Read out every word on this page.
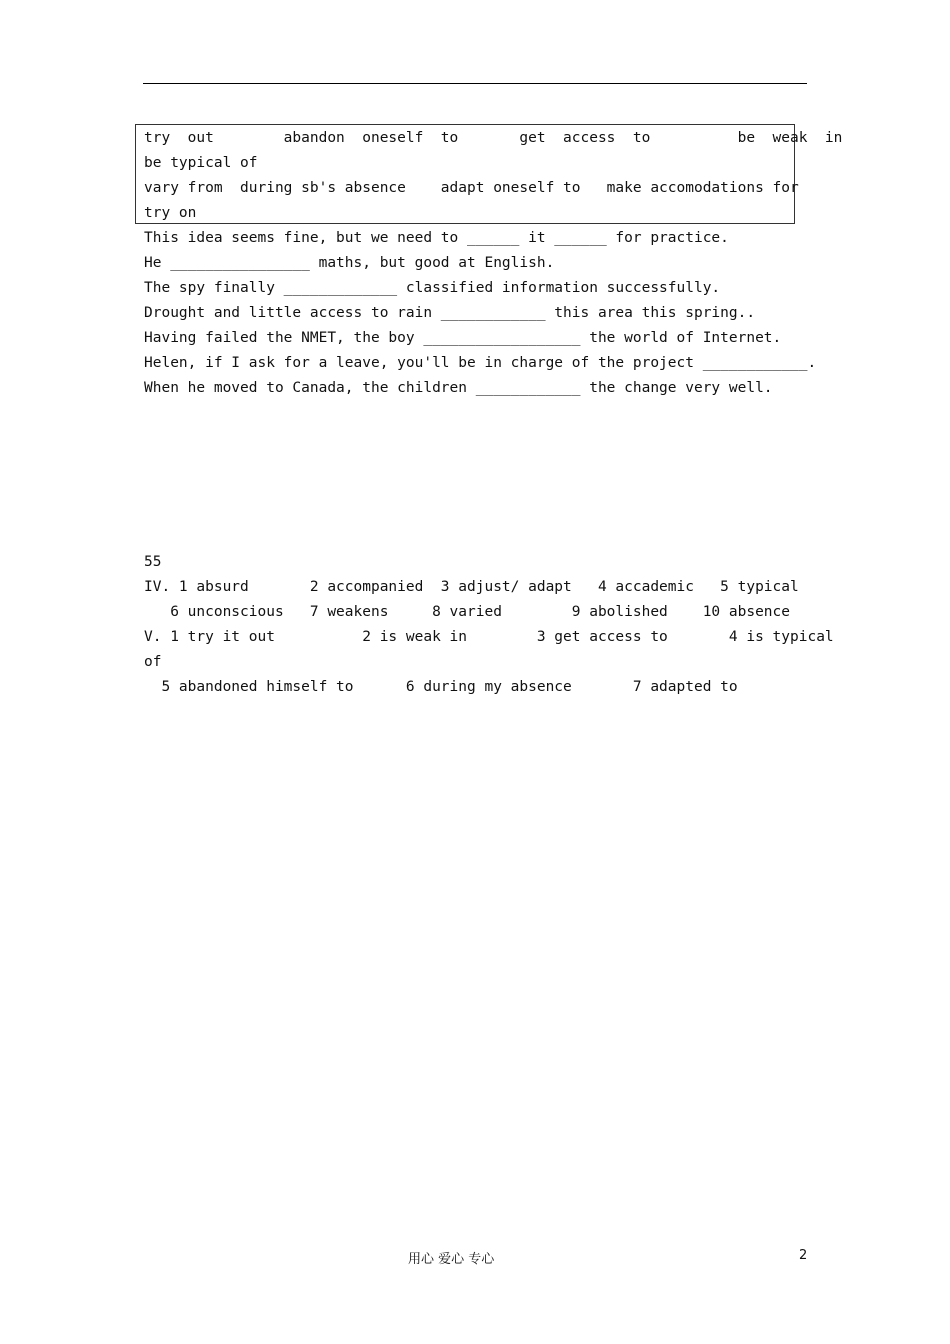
try  out        abandon  oneself  to       get  access  to          be  weak  in
be typical of
vary from  during sb's absence    adapt oneself to   make accomodations for
try on
This idea seems fine, but we need to ______ it ______ for practice.
He ________________ maths, but good at English.
The spy finally _____________ classified information successfully.
Drought and little access to rain ____________ this area this spring..
Having failed the NMET, the boy __________________ the world of Internet.
Helen, if I ask for a leave, you'll be in charge of the project ____________.
When he moved to Canada, the children ____________ the change very well.
55
IV. 1 absurd       2 accompanied  3 adjust/ adapt   4 accademic   5 typical
6 unconscious   7 weakens     8 varied        9 abolished    10 absence
V. 1 try it out          2 is weak in        3 get access to       4 is typical
of
5 abandoned himself to      6 during my absence       7 adapted to
用心 爱心 专心	2
